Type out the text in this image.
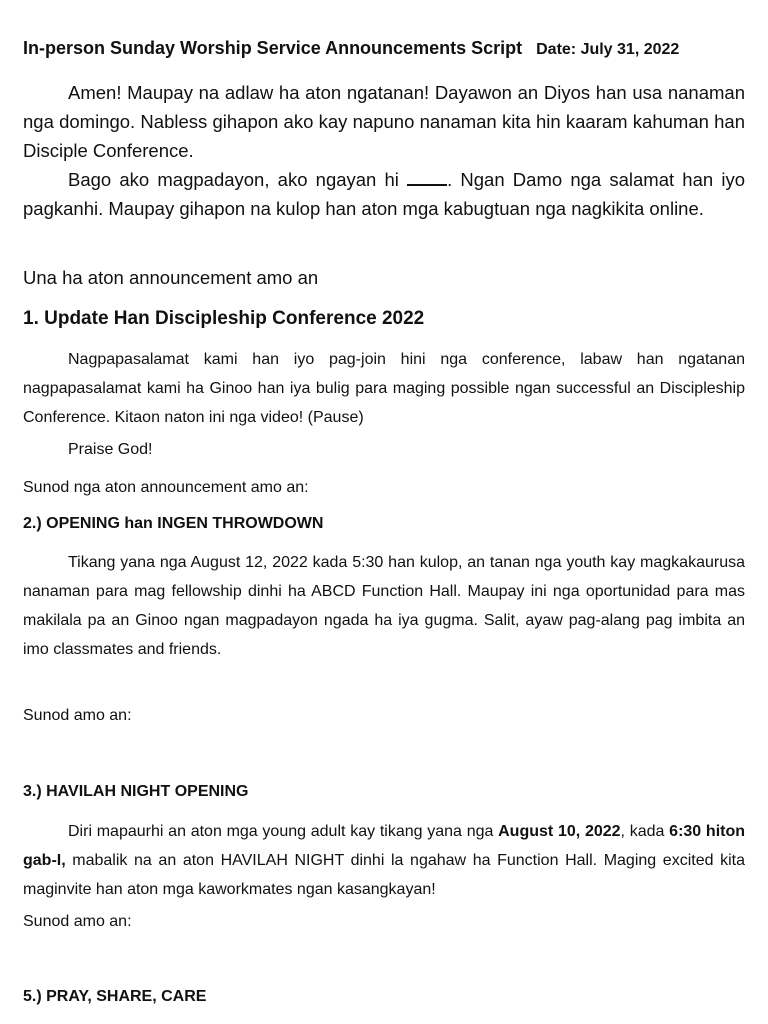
In-person Sunday Worship Service Announcements Script Date: July 31, 2022

Amen! Maupay na adlaw ha aton ngatanan! Dayawon an Diyos han usa nanaman nga domingo. Nabless gihapon ako kay napuno nanaman kita hin kaaram kahuman han Disciple Conference.

Bago ako magpadayon, ako ngayan hi . Ngan Damo nga salamat han iyo pagkanhi. Maupay gihapon na kulop han aton mga kabugtuan nga nagkikita online.

Una ha aton announcement amo an
1. Update Han Discipleship Conference 2022

Nagpapasalamat kami han iyo pag-join hini nga conference, labaw han ngatanan nagpapasalamat kami ha Ginoo han iya bulig para maging possible ngan successful an Discipleship Conference. Kitaon naton ini nga video! (Pause)

Praise God!
Sunod nga aton announcement amo an:
2.) OPENING han INGEN THROWDOWN

Tikang yana nga August 12, 2022 kada 5:30 han kulop, an tanan nga youth kay magkakaurusa nanaman para mag fellowship dinhi ha ABCD Function Hall. Maupay ini nga oportunidad para mas makilala pa an Ginoo ngan magpadayon ngada ha iya gugma. Salit, ayaw pag-alang pag imbita an imo classmates and friends.

Sunod amo an:
3.) HAVILAH NIGHT OPENING

Diri mapaurhi an aton mga young adult kay tikang yana nga August 10, 2022, kada 6:30 hiton gab-I, mabalik na an aton HAVILAH NIGHT dinhi la ngahaw ha Function Hall. Maging excited kita maginvite han aton mga kaworkmates ngan kasangkayan!

Sunod amo an:
5.) PRAY, SHARE, CARE
